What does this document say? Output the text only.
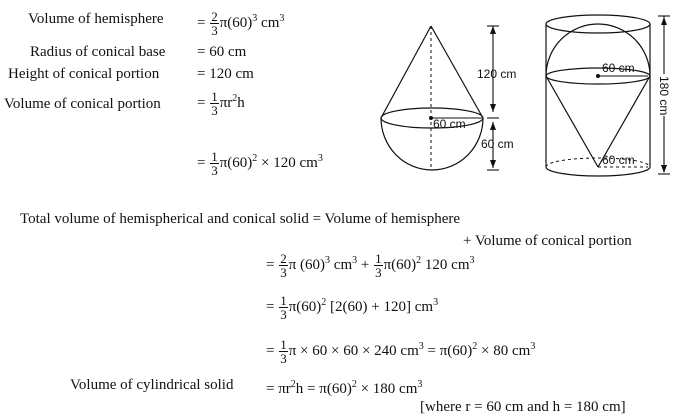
Volume of hemisphere = $\frac{2}{3} \pi(60)^3$ $cm^3$
Radius of conical base = 60 cm
Height of conical portion	= 120 cm
Volume of conical portion = $\frac{1}{3} \pi r^2h$
= $\frac{1}{3} \pi(60)^2 \times 120$ $cm^3$
60 cm
120 cm
60 cm
60 cm
60 cm
180 cm
Total volume of hemispherical and conical solid = Volume of hemisphere
+ Volume of conical portion
= $\frac{2}{3}$ π $(60)^3$ $cm^3 + \frac{1}{3} \pi(60)^2$ 120 $cm^3$
= $\frac{1}{3} \pi(60)^2$ [2(60) + 120] $cm^3$
= $\frac{1}{3}$ π × 60 × 60 × 240 $cm^3 = \pi(60)^2 \times 80$ $cm^3$
Volume of cylindrical solid = $\pi r^2h = \pi(60)^2 \times 180$ $cm^3$
[where r = 60 cm and h = 180 cm]
